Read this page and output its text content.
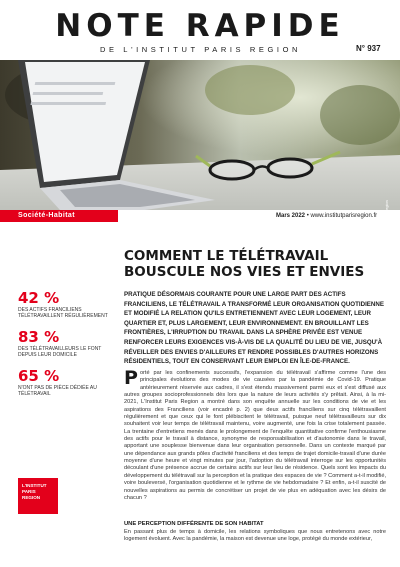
NOTE RAPIDE
DE L'INSTITUT PARIS REGION	N° 937
Société-Habitat	Mars 2022 • www.institutparisregion.fr
COMMENT LE TÉLÉTRAVAIL
BOUSCULE NOS VIES ET ENVIES
PRATIQUE DÉSORMAIS COURANTE POUR UNE LARGE PART DES ACTIFS FRANCILIENS, LE TÉLÉTRAVAIL A TRANSFORMÉ LEUR ORGANISATION QUOTIDIENNE ET MODIFIÉ LA RELATION QU'ILS ENTRETIENNENT AVEC LEUR LOGEMENT, LEUR QUARTIER ET, PLUS LARGEMENT, LEUR ENVIRONNEMENT. EN BROUILLANT LES FRONTIÈRES, L'IRRUPTION DU TRAVAIL DANS LA SPHÈRE PRIVÉE EST VENUE RENFORCER LEURS EXIGENCES VIS-À-VIS DE LA QUALITÉ DU LIEU DE VIE, JUSQU'À RÉVEILLER DES ENVIES D'AILLEURS ET RENDRE POSSIBLES D'AUTRES HORIZONS RÉSIDENTIELS, TOUT EN CONSERVANT LEUR EMPLOI EN ÎLE-DE-FRANCE.
42 %
DES ACTIFS FRANCILIENS TÉLÉTRAVAILLENT RÉGULIÈREMENT
83 %
DES TÉLÉTRAVAILLEURS LE FONT DEPUIS LEUR DOMICILE
65 %
N'ONT PAS DE PIÈCE DÉDIÉE AU TÉLÉTRAVAIL
Porté par les confinements successifs, l'expansion du télétravail s'affirme comme l'une des principales évolutions des modes de vie causées par la pandémie de Covid-19. Pratique antérieurement réservée aux cadres, il s'est étendu massivement parmi eux et s'est diffusé aux autres groupes socioprofessionnels dès lors que la nature de leurs activités s'y prêtait. Ainsi, à la mi-2021, L'Institut Paris Region a montré dans son enquête annuelle sur les conditions de vie et les aspirations des Franciliens (voir encadré p. 2) que deux actifs franciliens sur cinq télétravaillent régulièrement et que ceux qui le font plébiscitent le télétravail, puisque neuf télétravailleurs sur dix souhaitent voir leur temps de télétravail maintenu, voire augmenté, une fois la crise totalement passée. La trentaine d'entretiens menés dans le prolongement de l'enquête quantitative confirme l'enthousiasme des actifs pour le travail à distance, synonyme de responsabilisation et d'autonomie dans le travail, apportant une souplesse bienvenue dans leur organisation personnelle. Dans un contexte marqué par une dépendance aux grands pôles d'activité franciliens et des temps de trajet domicile-travail d'une durée moyenne d'une heure et vingt minutes par jour, l'adoption du télétravail interroge sur les opportunités découlant d'une présence accrue de certains actifs sur leur lieu de résidence. Quels sont les impacts du développement du télétravail sur la perception et la pratique des espaces de vie ? Comment a-t-il modifié, voire bouleversé, l'organisation quotidienne et le rythme de vie hebdomadaire ? Et enfin, a-t-il suscité de nouvelles aspirations au permis de concrétiser un projet de vie plus en adéquation avec les désirs de chacun ?
UNE PERCEPTION DIFFÉRENTE DE SON HABITAT
En passant plus de temps à domicile, les relations symboliques que nous entretenons avec notre logement évoluent. Avec la pandémie, la maison est devenue une loge, protégé du monde extérieur,
L'INSTITUT
PARIS
REGION
